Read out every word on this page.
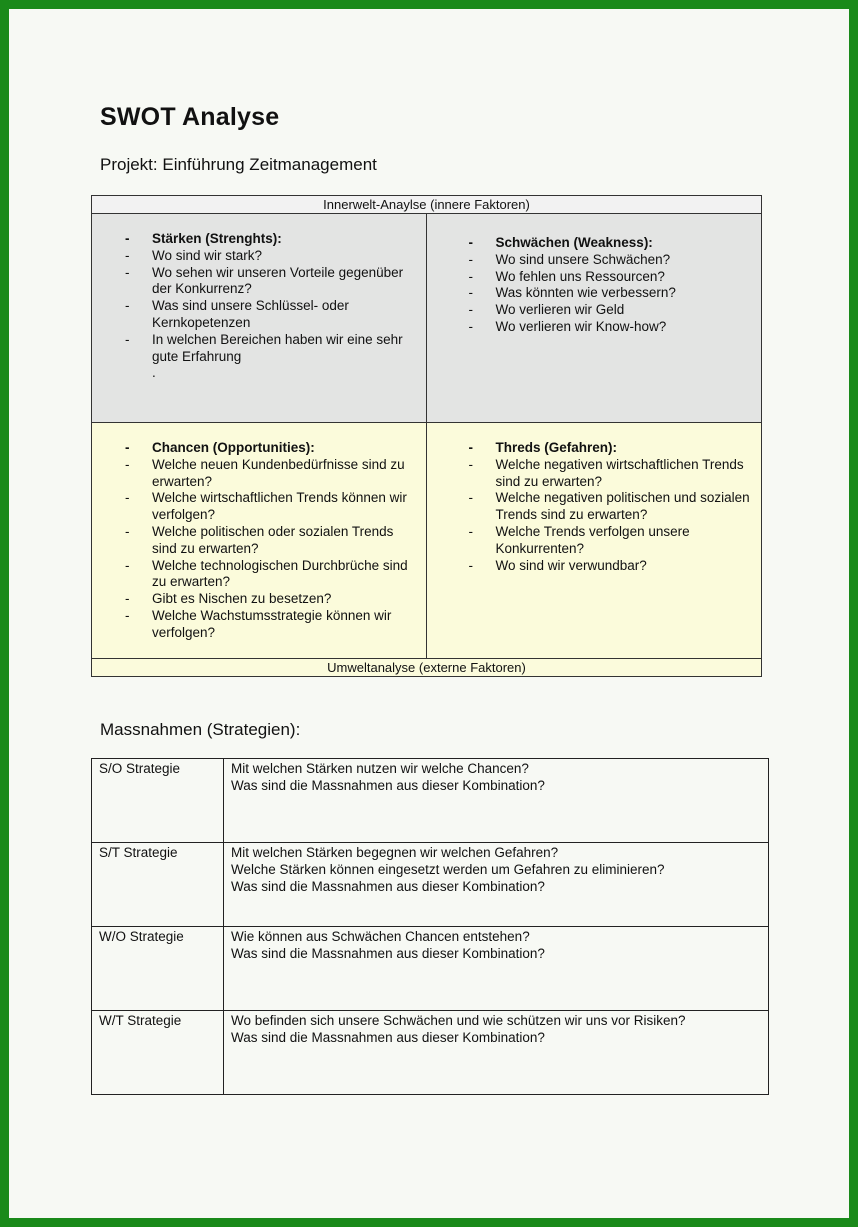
SWOT Analyse
Projekt: Einführung Zeitmanagement
Innerwelt-Anaylse (innere Faktoren)
- Stärken (Strenghts):
- Wo sind wir stark?
- Wo sehen wir unseren Vorteile gegenüber der Konkurrenz?
- Was sind unsere Schlüssel- oder Kernkopetenzen
- In welchen Bereichen haben wir eine sehr gute Erfahrung
.
- Schwächen (Weakness):
- Wo sind unsere Schwächen?
- Wo fehlen uns Ressourcen?
- Was könnten wie verbessern?
- Wo verlieren wir Geld
- Wo verlieren wir Know-how?
- Chancen (Opportunities):
- Welche neuen Kundenbedürfnisse sind zu erwarten?
- Welche wirtschaftlichen Trends können wir verfolgen?
- Welche politischen oder sozialen Trends sind zu erwarten?
- Welche technologischen Durchbrüche sind zu erwarten?
- Gibt es Nischen zu besetzen?
- Welche Wachstumsstrategie können wir verfolgen?
- Threds (Gefahren):
- Welche negativen wirtschaftlichen Trends sind zu erwarten?
- Welche negativen politischen und sozialen Trends sind zu erwarten?
- Welche Trends verfolgen unsere Konkurrenten?
- Wo sind wir verwundbar?
Umweltanalyse (externe Faktoren)
Massnahmen (Strategien):
S/O Strategie	Mit welchen Stärken nutzen wir welche Chancen?
Was sind die Massnahmen aus dieser Kombination?

S/T Strategie	Mit welchen Stärken begegnen wir welchen Gefahren?
Welche Stärken können eingesetzt werden um Gefahren zu eliminieren?
Was sind die Massnahmen aus dieser Kombination?

W/O Strategie	Wie können aus Schwächen Chancen entstehen?
Was sind die Massnahmen aus dieser Kombination?

W/T Strategie	Wo befinden sich unsere Schwächen und wie schützen wir uns vor Risiken?
Was sind die Massnahmen aus dieser Kombination?
